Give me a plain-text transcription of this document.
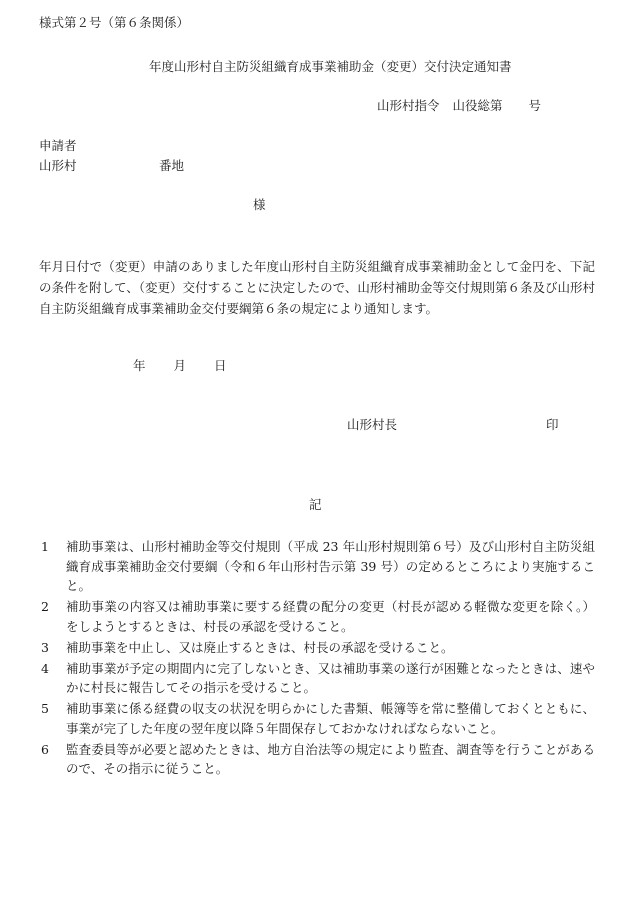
様式第２号（第６条関係）
年度山形村自主防災組織育成事業補助金（変更）交付決定通知書
山形村指令 山役総第 号
申請者
山形村	番地
様
年月日付で（変更）申請のありました年度山形村自主防災組織育成事業補助金として金円を、下記の条件を附して、（変更）交付することに決定したので、山形村補助金等交付規則第６条及び山形村自主防災組織育成事業補助金交付要綱第６条の規定により通知します。
年 月 日
山形村長	印
記
1 補助事業は、山形村補助金等交付規則（平成 23 年山形村規則第６号）及び山形村自主防災組織育成事業補助金交付要綱（令和６年山形村告示第 39 号）の定めるところにより実施すること。
2 補助事業の内容又は補助事業に要する経費の配分の変更（村長が認める軽微な変更を除く。）をしようとするときは、村長の承認を受けること。
3 補助事業を中止し、又は廃止するときは、村長の承認を受けること。
4 補助事業が予定の期間内に完了しないとき、又は補助事業の遂行が困難となったときは、速やかに村長に報告してその指示を受けること。
5 補助事業に係る経費の収支の状況を明らかにした書類、帳簿等を常に整備しておくとともに、事業が完了した年度の翌年度以降５年間保存しておかなければならないこと。
6 監査委員等が必要と認めたときは、地方自治法等の規定により監査、調査等を行うことがあるので、その指示に従うこと。
